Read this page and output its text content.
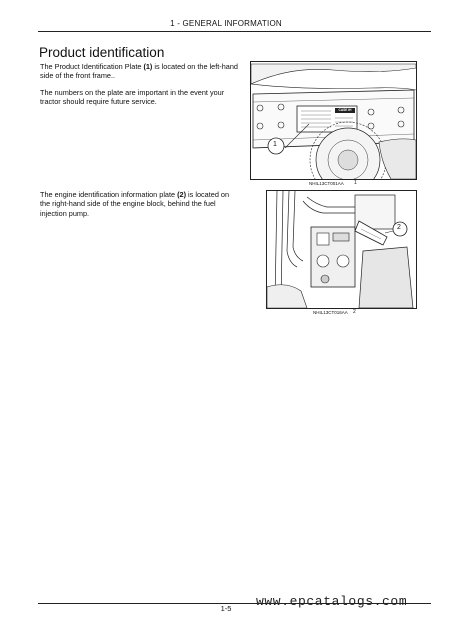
1 - GENERAL INFORMATION
Product identification
The Product Identification Plate (1) is located on the left-hand side of the front frame..
The numbers on the plate are important in the event your tractor should require future service.
The engine identification information plate (2) is located on the right-hand side of the engine block, behind the fuel injection pump.
1
CASE IH
NHIL13CT001AA 1
2
NHIL13CT016AA 2
1-5	www.epcatalogs.com
